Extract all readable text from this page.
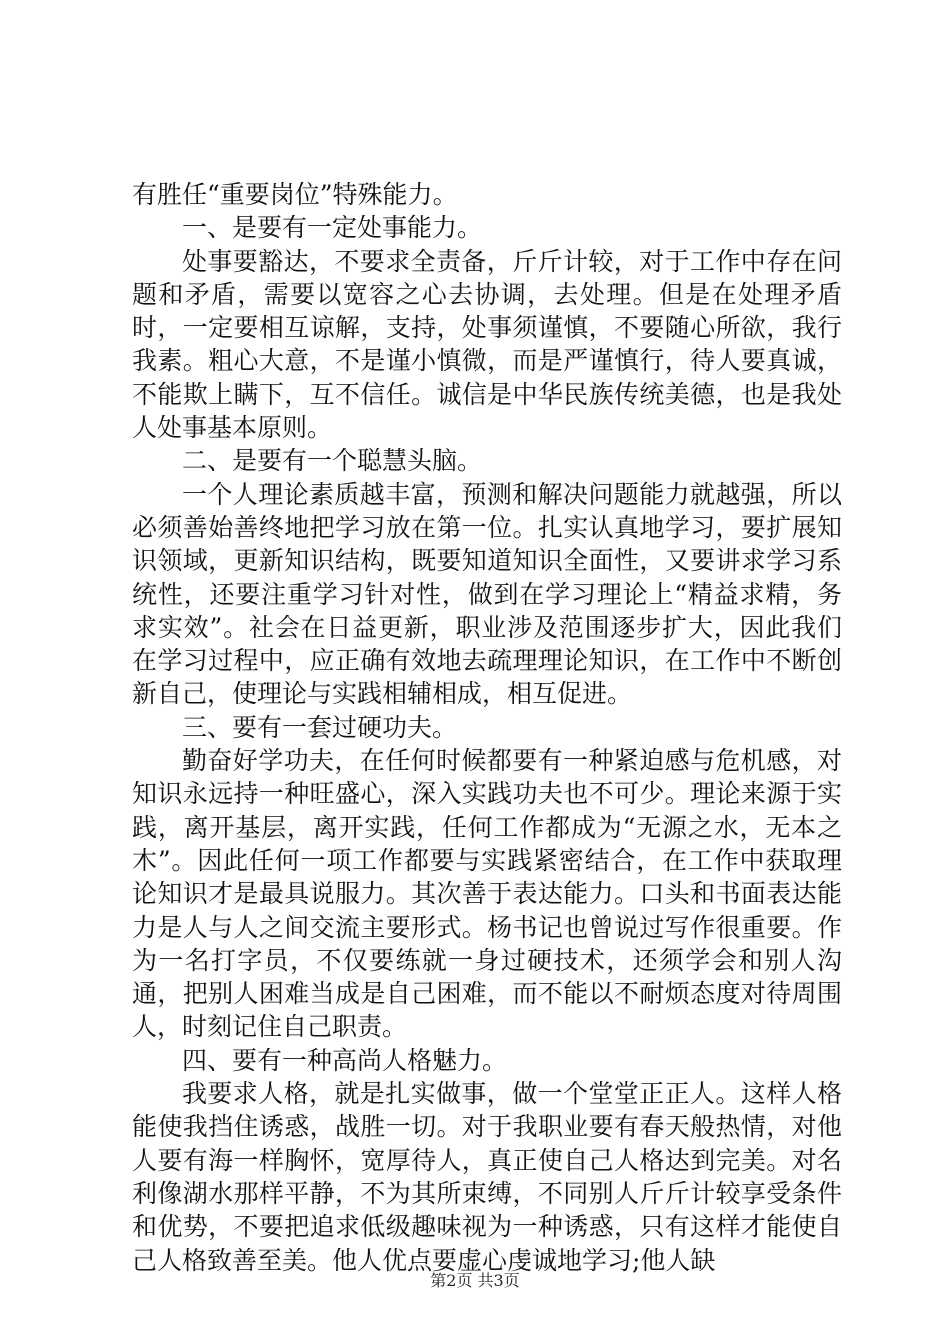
有胜任“重要岗位”特殊能力。

一、是要有一定处事能力。

处事要豁达，不要求全责备，斤斤计较，对于工作中存在问题和矛盾，需要以宽容之心去协调，去处理。但是在处理矛盾时，一定要相互谅解，支持，处事须谨慎，不要随心所欲，我行我素。粗心大意，不是谨小慎微，而是严谨慎行，待人要真诚，不能欺上瞒下，互不信任。诚信是中华民族传统美德，也是我处人处事基本原则。

二、是要有一个聪慧头脑。

一个人理论素质越丰富，预测和解决问题能力就越强，所以必须善始善终地把学习放在第一位。扎实认真地学习，要扩展知识领域，更新知识结构，既要知道知识全面性，又要讲求学习系统性，还要注重学习针对性，做到在学习理论上“精益求精，务求实效”。社会在日益更新，职业涉及范围逐步扩大，因此我们在学习过程中，应正确有效地去疏理理论知识，在工作中不断创新自己，使理论与实践相辅相成，相互促进。

三、要有一套过硬功夫。

勤奋好学功夫，在任何时候都要有一种紧迫感与危机感，对知识永远持一种旺盛心，深入实践功夫也不可少。理论来源于实践，离开基层，离开实践，任何工作都成为“无源之水，无本之木”。因此任何一项工作都要与实践紧密结合，在工作中获取理论知识才是最具说服力。其次善于表达能力。口头和书面表达能力是人与人之间交流主要形式。杨书记也曾说过写作很重要。作为一名打字员，不仅要练就一身过硬技术，还须学会和别人沟通，把别人困难当成是自己困难，而不能以不耐烦态度对待周围人，时刻记住自己职责。

四、要有一种高尚人格魅力。

我要求人格，就是扎实做事，做一个堂堂正正人。这样人格能使我挡住诱惑，战胜一切。对于我职业要有春天般热情，对他人要有海一样胸怀，宽厚待人，真正使自己人格达到完美。对名利像湖水那样平静，不为其所束缚，不同别人斤斤计较享受条件和优势，不要把追求低级趣味视为一种诱惑，只有这样才能使自己人格致善至美。他人优点要虚心虔诚地学习;他人缺

第2页 共3页
